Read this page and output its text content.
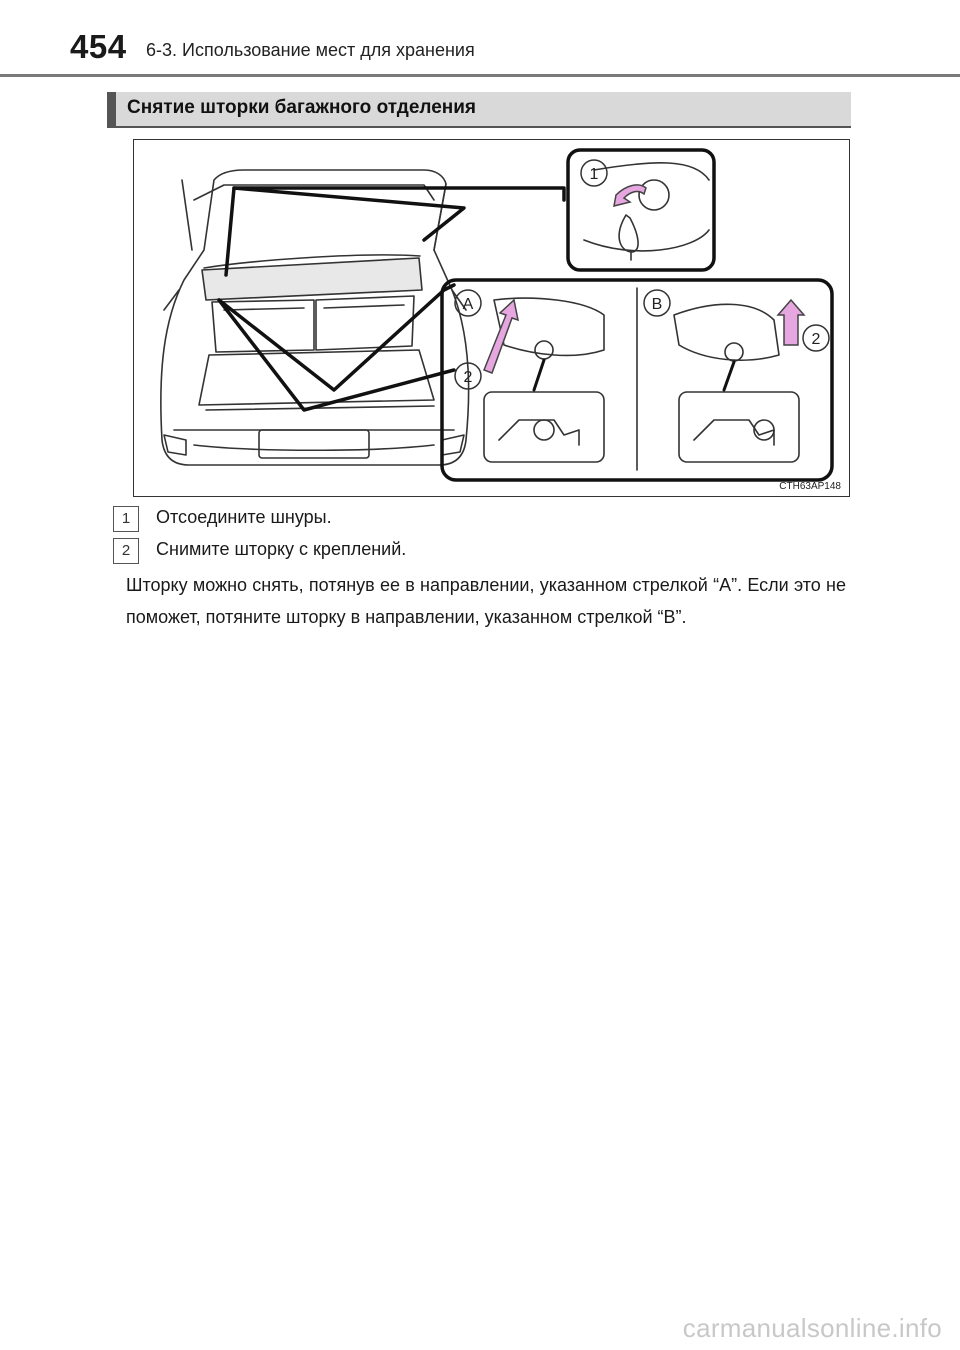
454 6-3. Использование мест для хранения
Снятие шторки багажного отделения
1
2
2
A	B
CTH63AP148
1	Отсоедините шнуры.
2	Снимите шторку с креплений.

Шторку можно снять, потянув ее в направлении, указанном стрелкой “A”. Если это не поможет, потяните шторку в направлении, указанном стрелкой “B”.

carmanualsonline.info
